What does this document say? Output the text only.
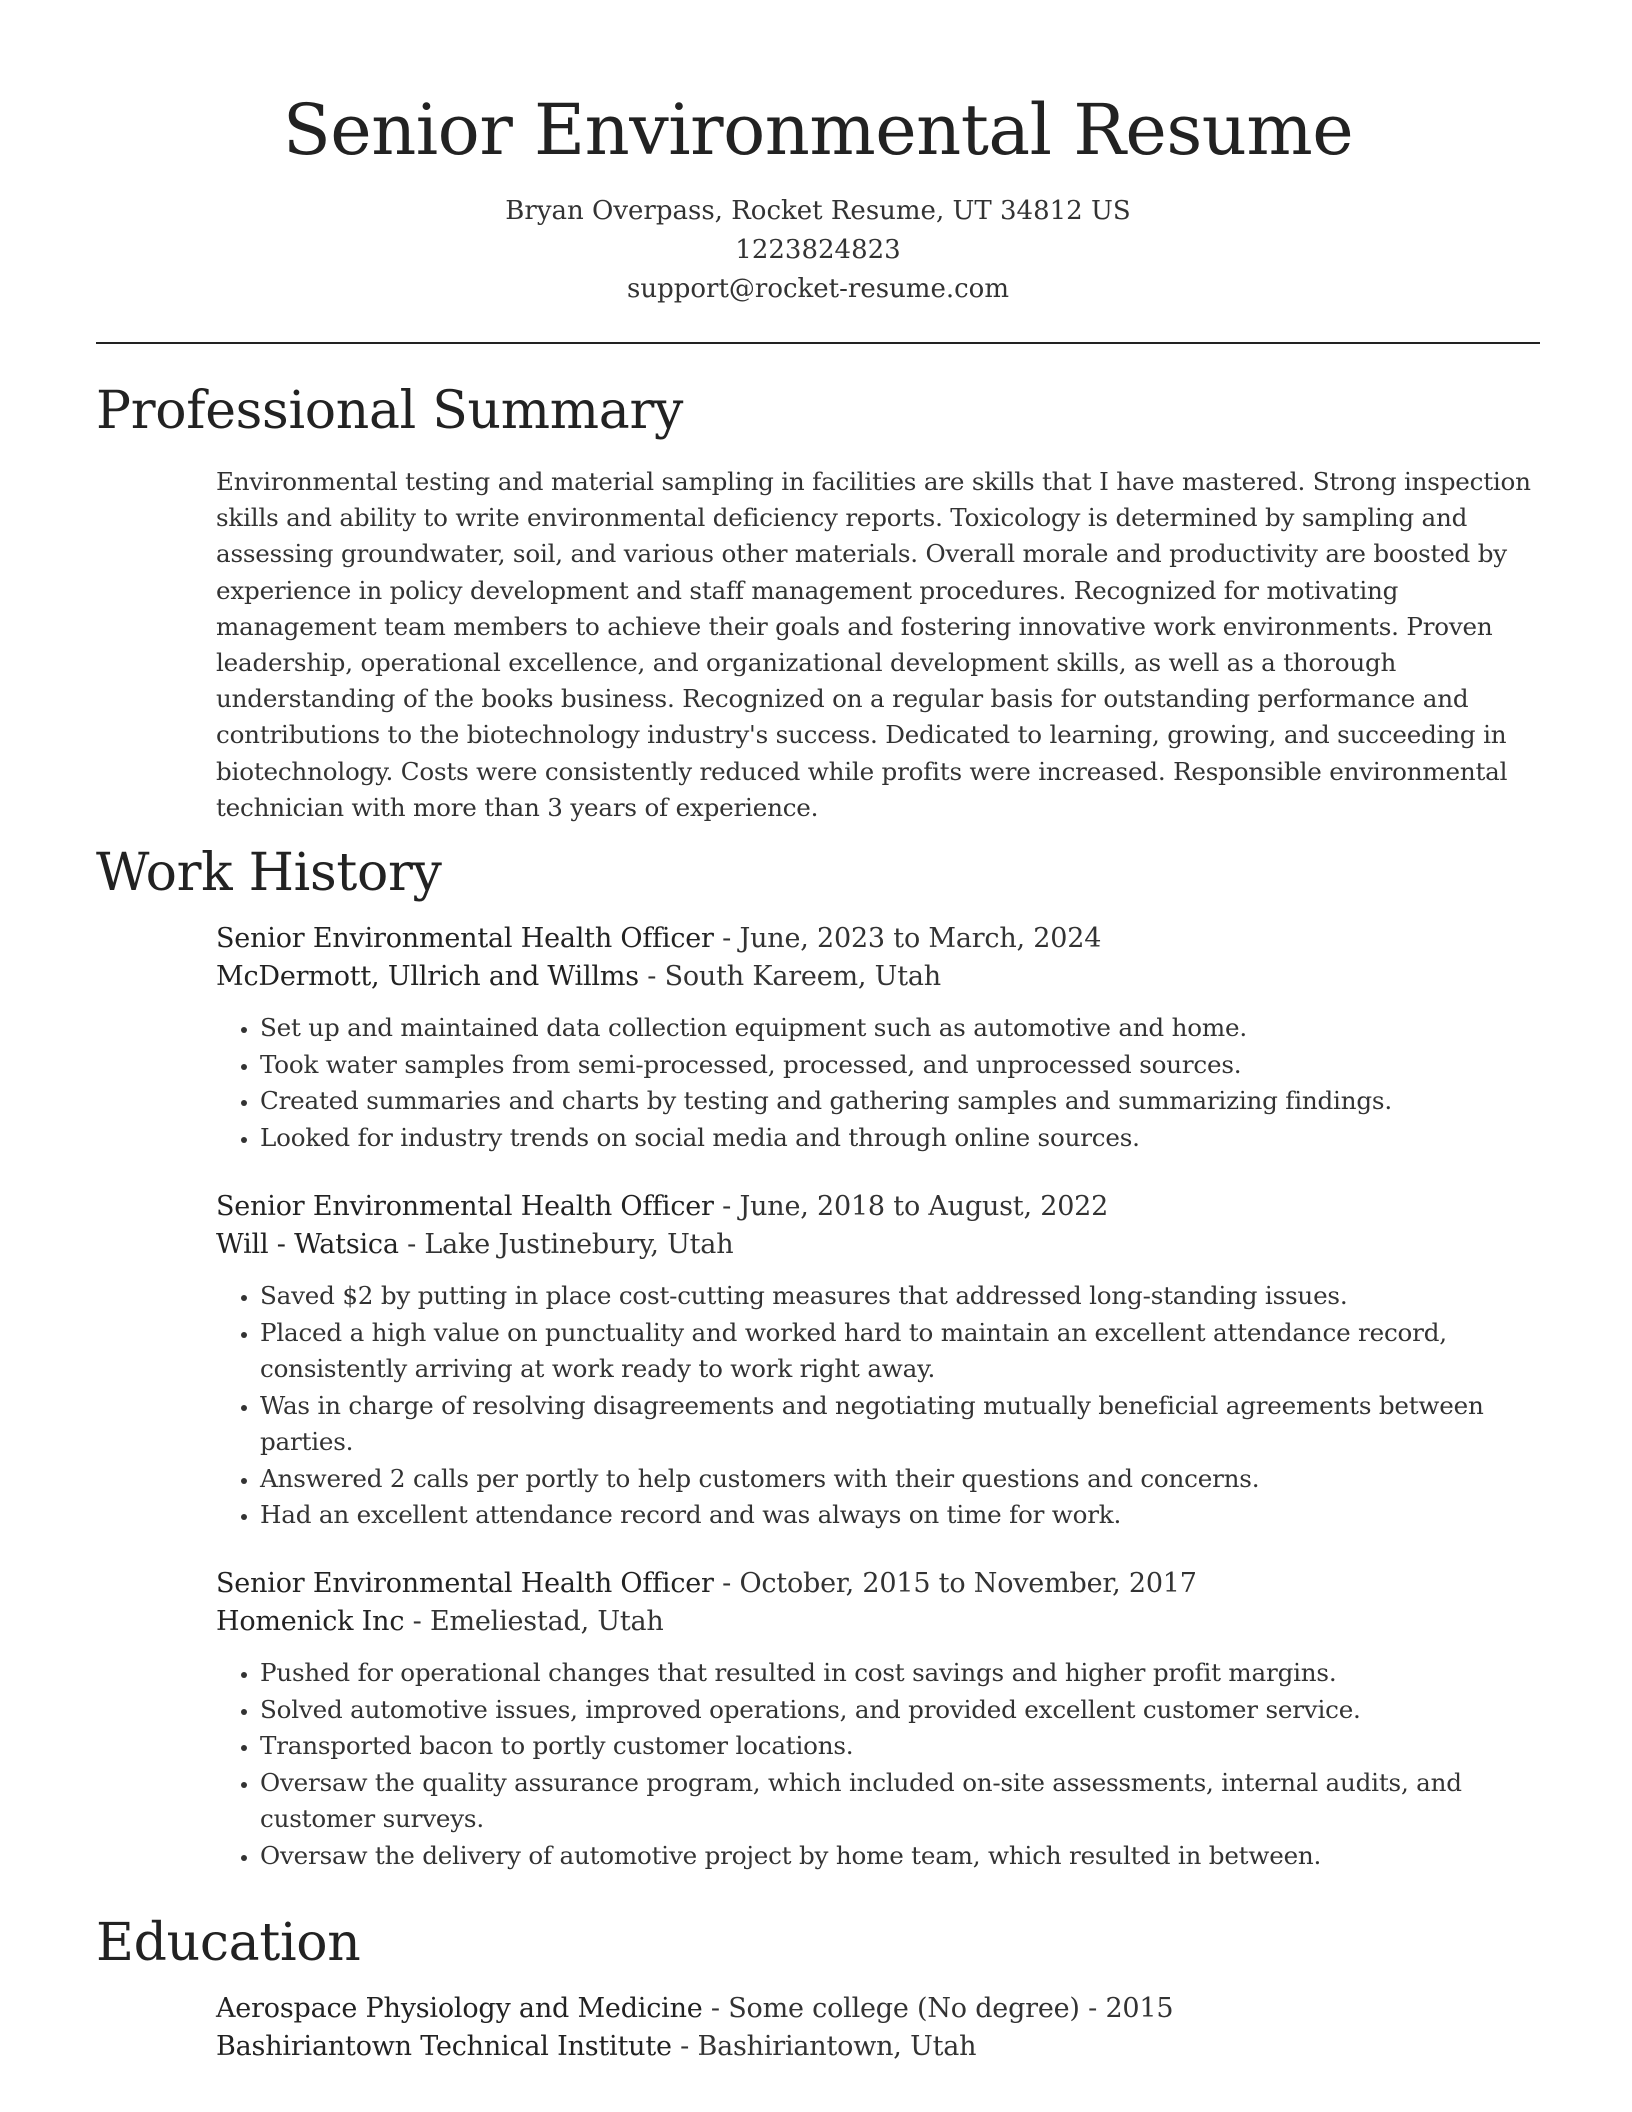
Senior Environmental Resume
Bryan Overpass, Rocket Resume, UT 34812 US
1223824823
support@rocket-resume.com
Professional Summary

Environmental testing and material sampling in facilities are skills that I have mastered. Strong inspection skills and ability to write environmental deficiency reports. Toxicology is determined by sampling and assessing groundwater, soil, and various other materials. Overall morale and productivity are boosted by experience in policy development and staff management procedures. Recognized for motivating management team members to achieve their goals and fostering innovative work environments. Proven leadership, operational excellence, and organizational development skills, as well as a thorough understanding of the books business. Recognized on a regular basis for outstanding performance and contributions to the biotechnology industry's success. Dedicated to learning, growing, and succeeding in biotechnology. Costs were consistently reduced while profits were increased. Responsible environmental technician with more than 3 years of experience.

Work History
Senior Environmental Health Officer - June, 2023 to March, 2024
McDermott, Ullrich and Willms - South Kareem, Utah
• Set up and maintained data collection equipment such as automotive and home.
• Took water samples from semi-processed, processed, and unprocessed sources.
• Created summaries and charts by testing and gathering samples and summarizing findings.
• Looked for industry trends on social media and through online sources.
Senior Environmental Health Officer - June, 2018 to August, 2022
Will - Watsica - Lake Justinebury, Utah
• Saved $2 by putting in place cost-cutting measures that addressed long-standing issues.
• Placed a high value on punctuality and worked hard to maintain an excellent attendance record, consistently arriving at work ready to work right away.
• Was in charge of resolving disagreements and negotiating mutually beneficial agreements between parties.
• Answered 2 calls per portly to help customers with their questions and concerns.
• Had an excellent attendance record and was always on time for work.
Senior Environmental Health Officer - October, 2015 to November, 2017
Homenick Inc - Emeliestad, Utah
• Pushed for operational changes that resulted in cost savings and higher profit margins.
• Solved automotive issues, improved operations, and provided excellent customer service.
• Transported bacon to portly customer locations.
• Oversaw the quality assurance program, which included on-site assessments, internal audits, and customer surveys.
• Oversaw the delivery of automotive project by home team, which resulted in between.
Education
Aerospace Physiology and Medicine - Some college (No degree) - 2015
Bashiriantown Technical Institute - Bashiriantown, Utah
